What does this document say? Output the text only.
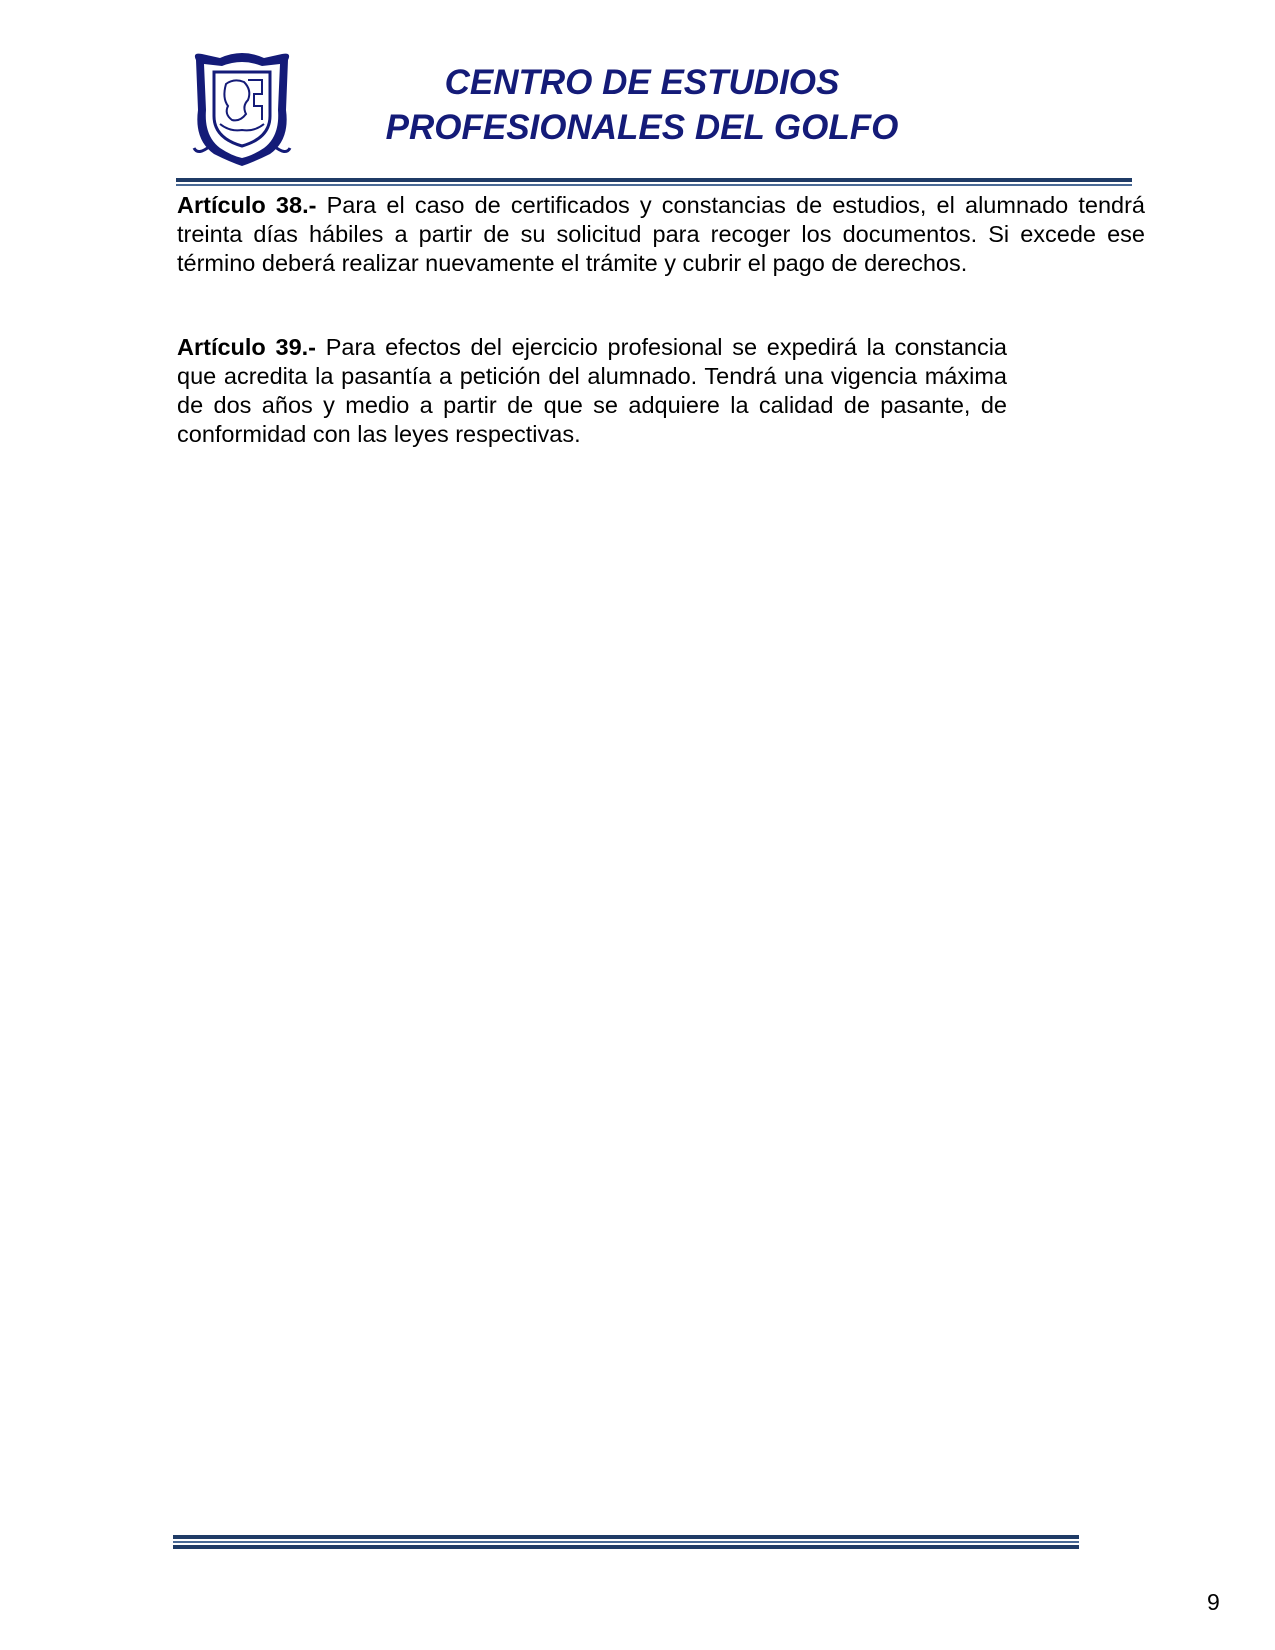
CENTRO DE ESTUDIOS
PROFESIONALES DEL GOLFO
Artículo 38.- Para el caso de certificados y constancias de estudios, el alumnado tendrá treinta días hábiles a partir de su solicitud para recoger los documentos. Si excede ese término deberá realizar nuevamente el trámite y cubrir el pago de derechos.
Artículo 39.- Para efectos del ejercicio profesional se expedirá la constancia que acredita la pasantía a petición del alumnado. Tendrá una vigencia máxima de dos años y medio a partir de que se adquiere la calidad de pasante, de conformidad con las leyes respectivas.
9
